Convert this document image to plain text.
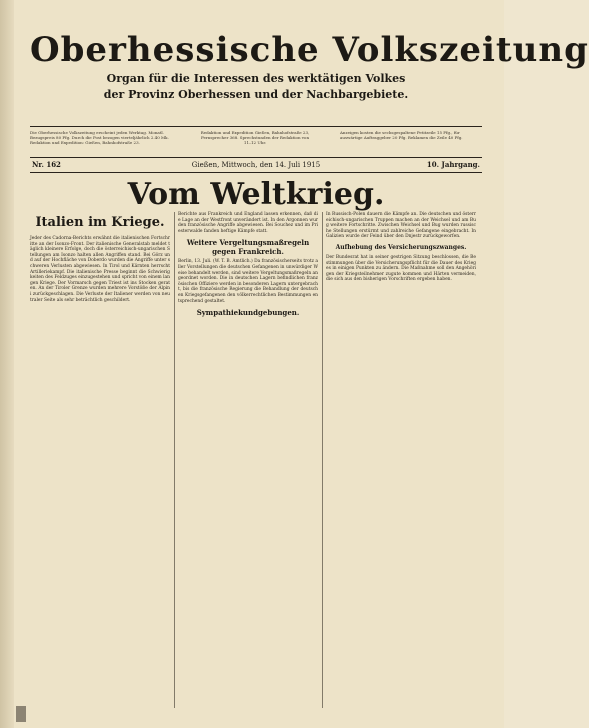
Oberhessische Volkszeitung
Organ für die Interessen des werktätigen Volkes
der Provinz Oberhessen und der Nachbargebiete.
Die Oberhessische Volkszeitung erscheint jeden Werktag. Monatl. Bezugspreis 80 Pfg. Durch die Post bezogen vierteljährlich 2.40 Mk. Redaktion und Expedition: Gießen, Bahnhofstraße 23.
Redaktion und Expedition Gießen, Bahnhofstraße 23, Fernsprecher 368. Sprechstunden der Redaktion von 11–12 Uhr.
Anzeigen kosten die sechsgespaltene Petitzeile 15 Pfg., für auswärtige Auftraggeber 20 Pfg. Reklamen die Zeile 40 Pfg.
Nr. 162	Gießen, Mittwoch, den 14. Juli 1915	10. Jahrgang.
Vom Weltkrieg.
Italien im Kriege.
Jeder des Cadorna-Berichts erwähnt die italienischen Fortschritte an der Isonzo-Front. Der italienische Generalstab meldet täglich kleinere Erfolge, doch die österreichisch-ungarischen Stellungen am Isonzo halten allen Angriffen stand. Bei Görz und auf der Hochfläche von Doberdo wurden die Angriffe unter schweren Verlusten abgewiesen. In Tirol und Kärnten herrscht Artilleriekampf. Die italienische Presse beginnt die Schwierigkeiten des Feldzuges einzugestehen und spricht von einem langen Kriege. Der Vormarsch gegen Triest ist ins Stocken geraten. An der Tiroler Grenze wurden mehrere Vorstöße der Alpini zurückgeschlagen. Die Verluste der Italiener werden von neutraler Seite als sehr beträchtlich geschildert.
Berichte aus Frankreich und England lassen erkennen, daß die Lage an der Westfront unverändert ist. In den Argonnen wurden französische Angriffe abgewiesen. Bei Souchez und im Priesterwalde fanden heftige Kämpfe statt.
Weitere Vergeltungsmaßregeln gegen Frankreich.
Berlin, 13. Juli. (W. T. B. Amtlich.) Da französischerseits trotz aller Vorstellungen die deutschen Gefangenen in unwürdiger Weise behandelt werden, sind weitere Vergeltungsmaßregeln angeordnet worden. Die in deutschen Lagern befindlichen französischen Offiziere werden in besonderen Lagern untergebracht, bis die französische Regierung die Behandlung der deutschen Kriegsgefangenen den völkerrechtlichen Bestimmungen entsprechend gestaltet.
Sympathiekundgebungen.
In Russisch-Polen dauern die Kämpfe an. Die deutschen und österreichisch-ungarischen Truppen machen an der Weichsel und am Bug weitere Fortschritte. Zwischen Weichsel und Bug wurden russische Stellungen erstürmt und zahlreiche Gefangene eingebracht. In Galizien wurde der Feind über den Dnjestr zurückgeworfen.
Aufhebung des Versicherungszwanges.
Der Bundesrat hat in seiner gestrigen Sitzung beschlossen, die Bestimmungen über die Versicherungspflicht für die Dauer des Krieges in einigen Punkten zu ändern. Die Maßnahme soll den Angehörigen der Kriegsteilnehmer zugute kommen und Härten vermeiden, die sich aus den bisherigen Vorschriften ergeben haben.
